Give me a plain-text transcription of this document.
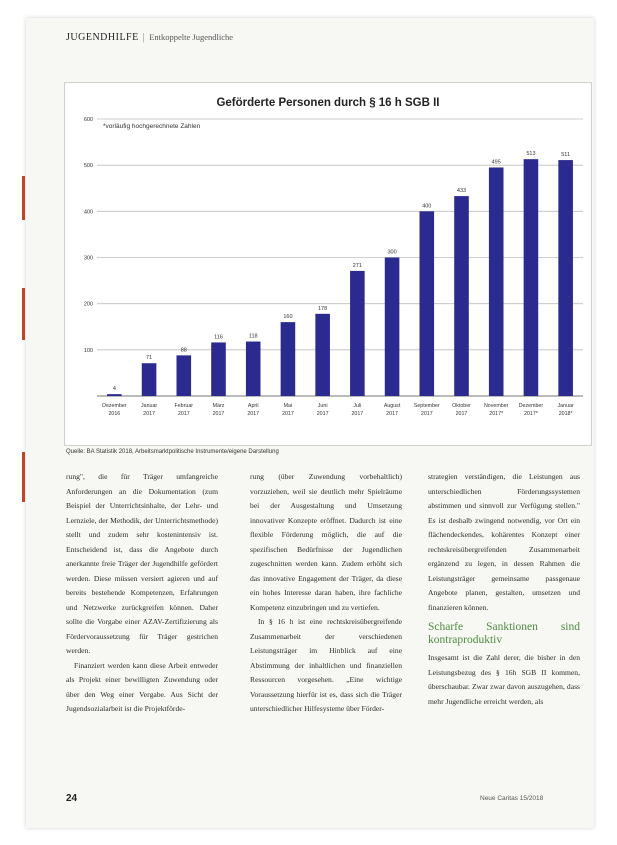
JUGENDHILFE | Entkoppelte Jugendliche
Geförderte Personen durch § 16 h SGB II
*vorläufig hochgerechnete Zahlen
100
200
300
400
500
600
4
Dezember 2016
71
Januar 2017
88
Februar 2017
116
März 2017
118
April 2017
160
Mai 2017
178
Juni 2017
271
Juli 2017
300
August 2017
400
September 2017
433
Oktober 2017
495
November 2017*
513
Dezember 2017*
511
Januar 2018*
Quelle: BA Statistik 2018, Arbeitsmarktpolitische Instrumente/eigene Darstellung

rung", die für Träger umfangreiche Anforderungen an die Dokumentation (zum Beispiel der Unterrichtsinhalte, der Lehr- und Lernziele, der Methodik, der Unterrichtsmethode) stellt und zudem sehr kostenintensiv ist. Entscheidend ist, dass die Angebote durch anerkannte freie Träger der Jugendhilfe gefördert werden. Diese müssen versiert agieren und auf bereits bestehende Kompetenzen, Erfahrungen und Netzwerke zurückgreifen können. Daher sollte die Vorgabe einer AZAV-Zertifizierung als Fördervoraussetzung für Träger gestrichen werden.

Finanziert werden kann diese Arbeit entweder als Projekt einer bewilligten Zuwendung oder über den Weg einer Vergabe. Aus Sicht der Jugendsozialarbeit ist die Projektförde-

rung (über Zuwendung vorbehaltlich) vorzuziehen, weil sie deutlich mehr Spielräume bei der Ausgestaltung und Umsetzung innovativer Konzepte eröffnet. Dadurch ist eine flexible Förderung möglich, die auf die spezifischen Bedürfnisse der Jugendlichen zugeschnitten werden kann. Zudem erhöht sich das innovative Engagement der Träger, da diese ein hohes Interesse daran haben, ihre fachliche Kompetenz einzubringen und zu vertiefen.

In § 16 h ist eine rechtskreisübergreifende Zusammenarbeit der verschiedenen Leistungsträger im Hinblick auf eine Abstimmung der inhaltlichen und finanziellen Ressourcen vorgesehen. „Eine wichtige Voraussetzung hierfür ist es, dass sich die Träger unterschiedlicher Hilfesysteme über Förder-

strategien verständigen, die Leistungen aus unterschiedlichen Förderungssystemen abstimmen und sinnvoll zur Verfügung stellen." Es ist deshalb zwingend notwendig, vor Ort ein flächendeckendes, kohärentes Konzept einer rechtskreisübergreifenden Zusammenarbeit ergänzend zu legen, in dessen Rahmen die Leistungsträger gemeinsame passgenaue Angebote planen, gestalten, umsetzen und finanzieren können.

Scharfe Sanktionen sind kontraproduktiv

Insgesamt ist die Zahl derer, die bisher in den Leistungsbezug des § 16h SGB II kommen, überschaubar. Zwar zwar davon auszugehen, dass mehr Jugendliche erreicht werden, als

24	Neue Caritas 15/2018
